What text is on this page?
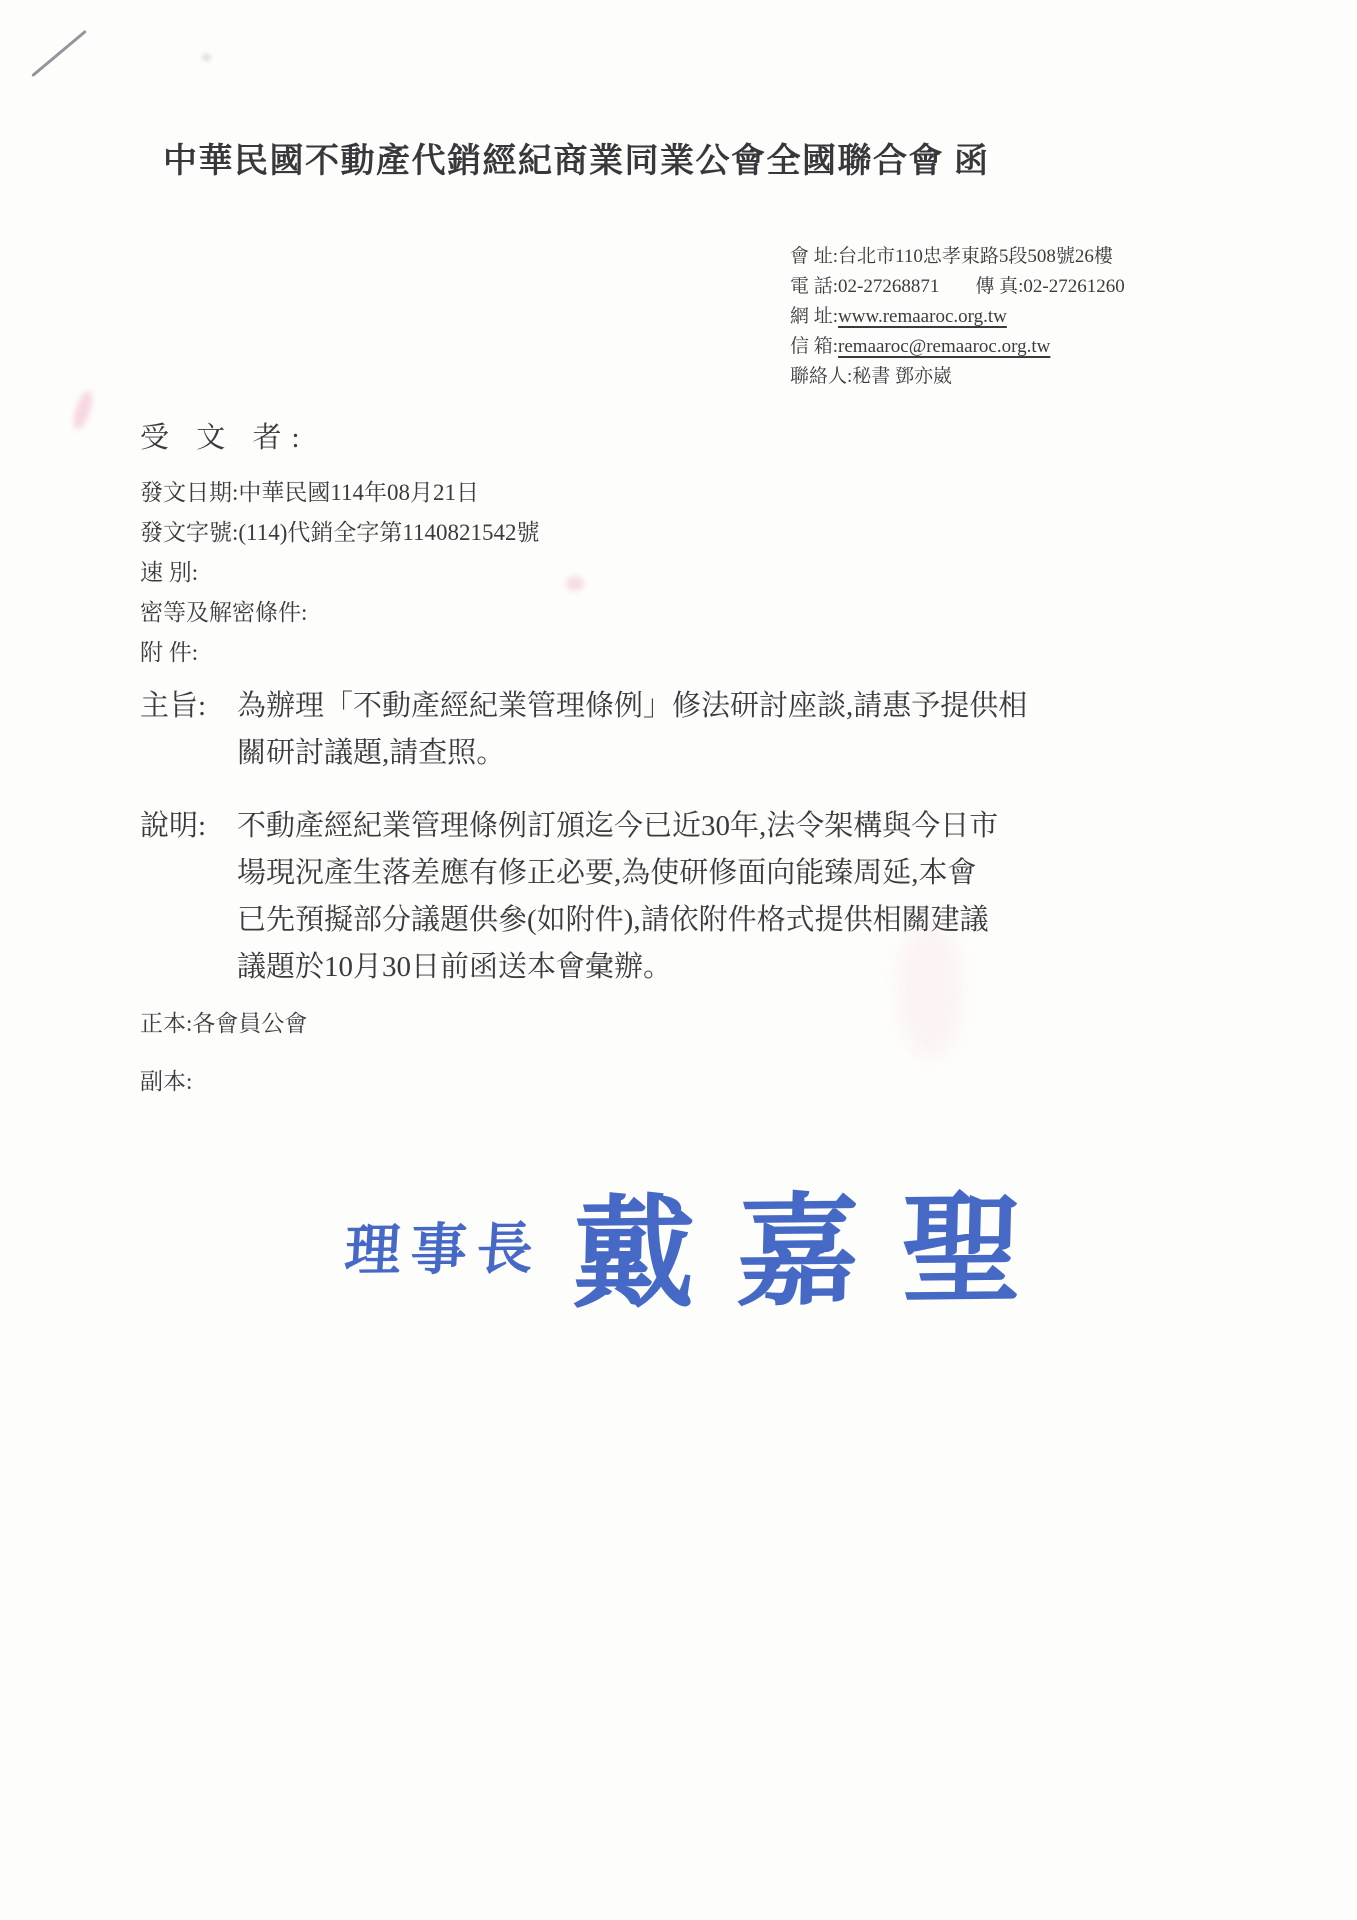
中華民國不動產代銷經紀商業同業公會全國聯合會 函
會 址: 台北市110忠孝東路5段508號26樓
電 話: 02-27268871 傳 真: 02-27261260
網 址: www.remaaroc.org.tw
信 箱: remaaroc@remaaroc.org.tw
聯絡人: 秘書 鄧亦崴
受 文 者:
發文日期: 中華民國114年08月21日
發文字號: (114)代銷全字第1140821542號
速 別:
密等及解密條件:
附 件:
主旨:	為辦理「不動產經紀業管理條例」修法研討座談,請惠予提供相
關研討議題,請查照。
說明:	不動產經紀業管理條例訂頒迄今已近30年,法令架構與今日市
場現況產生落差應有修正必要,為使研修面向能臻周延,本會
已先預擬部分議題供參(如附件),請依附件格式提供相關建議
議題於10月30日前函送本會彙辦。
正本:各會員公會
副本:
理事長 戴嘉聖
